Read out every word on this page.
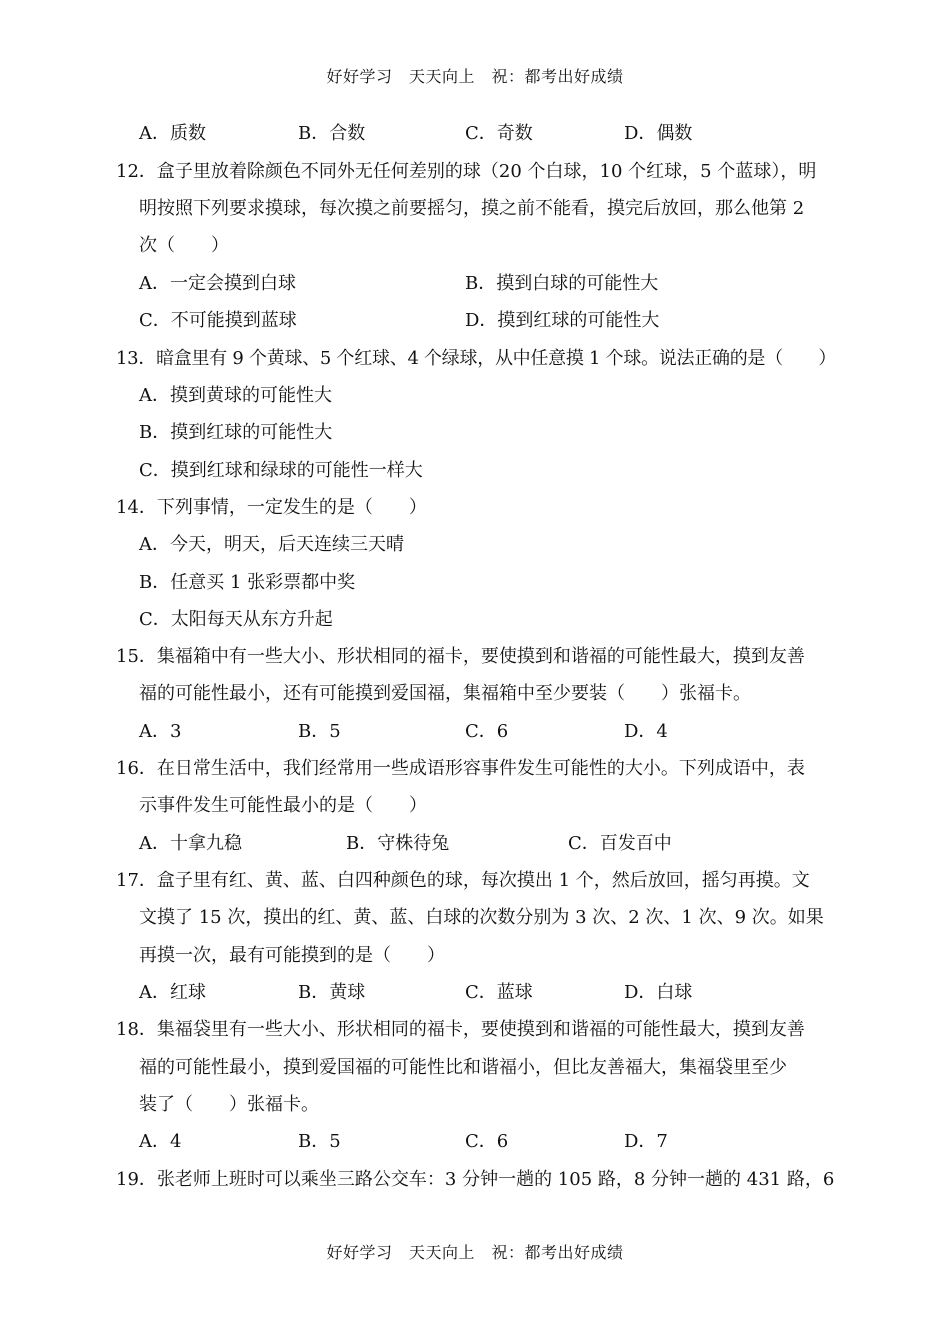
好好学习　天天向上　祝：都考出好成绩
A．质数	B．合数	C．奇数	D．偶数
12．盒子里放着除颜色不同外无任何差别的球（20 个白球，10 个红球，5 个蓝球），明
明按照下列要求摸球，每次摸之前要摇匀，摸之前不能看，摸完后放回，那么他第 2
次（　　）
A．一定会摸到白球	B．摸到白球的可能性大
C．不可能摸到蓝球	D．摸到红球的可能性大
13．暗盒里有 9 个黄球、5 个红球、4 个绿球，从中任意摸 1 个球。说法正确的是（　　）
A．摸到黄球的可能性大
B．摸到红球的可能性大
C．摸到红球和绿球的可能性一样大
14．下列事情，一定发生的是（　　）
A．今天，明天，后天连续三天晴
B．任意买 1 张彩票都中奖
C．太阳每天从东方升起
15．集福箱中有一些大小、形状相同的福卡，要使摸到和谐福的可能性最大，摸到友善
福的可能性最小，还有可能摸到爱国福，集福箱中至少要装（　　）张福卡。
A．3	B．5	C．6	D．4
16．在日常生活中，我们经常用一些成语形容事件发生可能性的大小。下列成语中，表
示事件发生可能性最小的是（　　）
A．十拿九稳	B．守株待兔	C．百发百中
17．盒子里有红、黄、蓝、白四种颜色的球，每次摸出 1 个，然后放回，摇匀再摸。文
文摸了 15 次，摸出的红、黄、蓝、白球的次数分别为 3 次、2 次、1 次、9 次。如果
再摸一次，最有可能摸到的是（　　）
A．红球	B．黄球	C．蓝球	D．白球
18．集福袋里有一些大小、形状相同的福卡，要使摸到和谐福的可能性最大，摸到友善
福的可能性最小，摸到爱国福的可能性比和谐福小，但比友善福大，集福袋里至少
装了（　　）张福卡。
A．4	B．5	C．6	D．7
19．张老师上班时可以乘坐三路公交车：3 分钟一趟的 105 路，8 分钟一趟的 431 路，6
好好学习　天天向上　祝：都考出好成绩
